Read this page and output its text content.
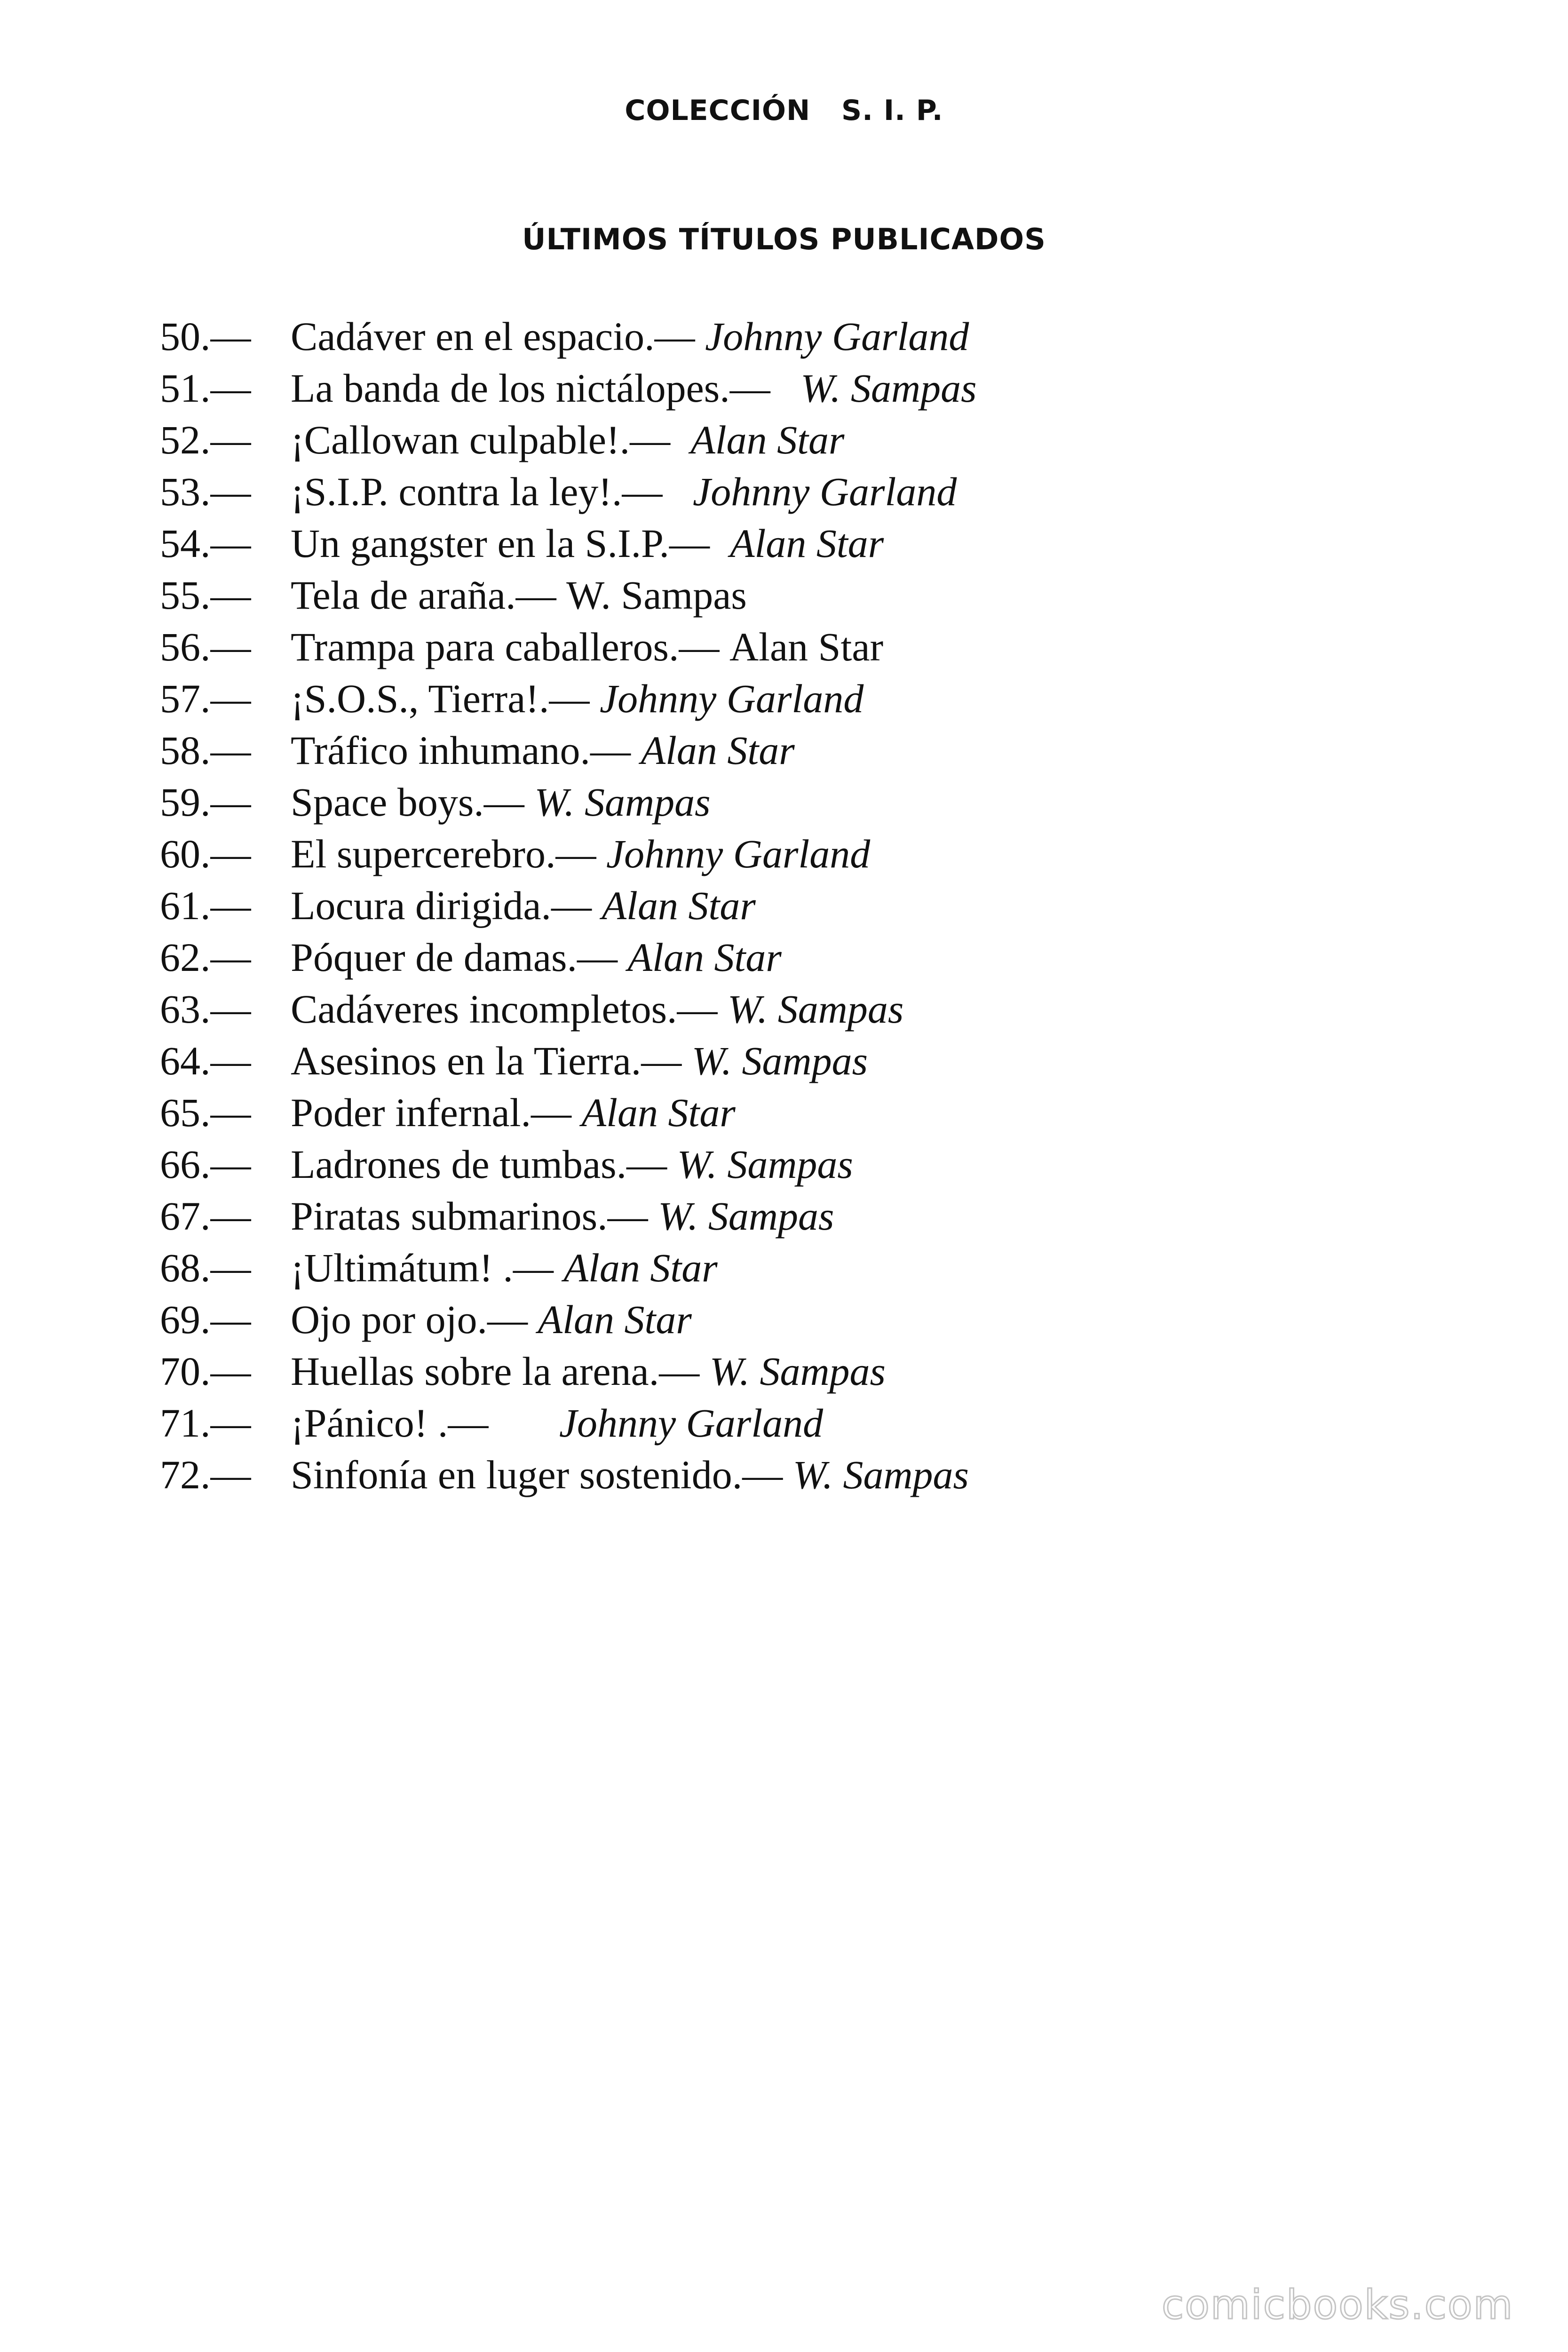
COLECCIÓN   S. I. P.
ÚLTIMOS TÍTULOS PUBLICADOS
50.— Cadáver en el espacio.— Johnny Garland
51.— La banda de los nictálopes.— W. Sampas
52.— ¡Callowan culpable!.— Alan Star
53.— ¡S.I.P. contra la ley!.— Johnny Garland
54.— Un gangster en la S.I.P.— Alan Star
55.— Tela de araña.— W. Sampas
56.— Trampa para caballeros.— Alan Star
57.— ¡S.O.S., Tierra!.— Johnny Garland
58.— Tráfico inhumano.— Alan Star
59.— Space boys.— W. Sampas
60.— El supercerebro.— Johnny Garland
61.— Locura dirigida.— Alan Star
62.— Póquer de damas.— Alan Star
63.— Cadáveres incompletos.— W. Sampas
64.— Asesinos en la Tierra.— W. Sampas
65.— Poder infernal.— Alan Star
66.— Ladrones de tumbas.— W. Sampas
67.— Piratas submarinos.— W. Sampas
68.— ¡Ultimátum! .— Alan Star
69.— Ojo por ojo.— Alan Star
70.— Huellas sobre la arena.— W. Sampas
71.— ¡Pánico! .— Johnny Garland
72.— Sinfonía en luger sostenido.— W. Sampas
comicbooks.com
